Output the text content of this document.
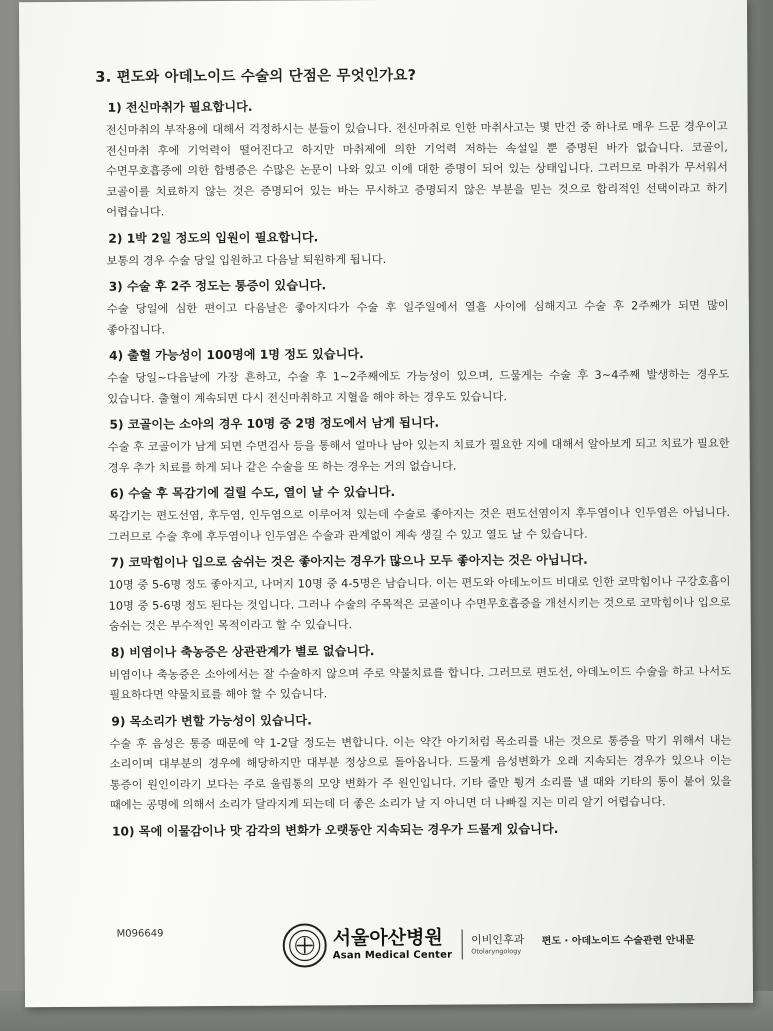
3. 편도와 아데노이드 수술의 단점은 무엇인가요?
1) 전신마취가 필요합니다.
전신마취의 부작용에 대해서 걱정하시는 분들이 있습니다. 전신마취로 인한 마취사고는 몇 만건 중 하나로 매우 드문 경우이고 전신마취 후에 기억력이 떨어진다고 하지만 마취제에 의한 기억력 저하는 속설일 뿐 증명된 바가 없습니다. 코골이, 수면무호흡증에 의한 합병증은 수많은 논문이 나와 있고 이에 대한 증명이 되어 있는 상태입니다. 그러므로 마취가 무서워서 코골이를 치료하지 않는 것은 증명되어 있는 바는 무시하고 증명되지 않은 부분을 믿는 것으로 합리적인 선택이라고 하기 어렵습니다.
2) 1박 2일 정도의 입원이 필요합니다.
보통의 경우 수술 당일 입원하고 다음날 퇴원하게 됩니다.
3) 수술 후 2주 정도는 통증이 있습니다.
수술 당일에 심한 편이고 다음날은 좋아지다가 수술 후 일주일에서 열흘 사이에 심해지고 수술 후 2주째가 되면 많이 좋아집니다.
4) 출혈 가능성이 100명에 1명 정도 있습니다.
수술 당일~다음날에 가장 흔하고, 수술 후 1~2주째에도 가능성이 있으며, 드물게는 수술 후 3~4주째 발생하는 경우도 있습니다. 출혈이 계속되면 다시 전신마취하고 지혈을 해야 하는 경우도 있습니다.
5) 코골이는 소아의 경우 10명 중 2명 정도에서 남게 됩니다.
수술 후 코골이가 남게 되면 수면검사 등을 통해서 얼마나 남아 있는지 치료가 필요한 지에 대해서 알아보게 되고 치료가 필요한 경우 추가 치료를 하게 되나 같은 수술을 또 하는 경우는 거의 없습니다.
6) 수술 후 목감기에 걸릴 수도, 열이 날 수 있습니다.
목감기는 편도선염, 후두염, 인두염으로 이루어져 있는데 수술로 좋아지는 것은 편도선염이지 후두염이나 인두염은 아닙니다. 그러므로 수술 후에 후두염이나 인두염은 수술과 관계없이 계속 생길 수 있고 열도 날 수 있습니다.
7) 코막힘이나 입으로 숨쉬는 것은 좋아지는 경우가 많으나 모두 좋아지는 것은 아닙니다.
10명 중 5-6명 정도 좋아지고, 나머지 10명 중 4-5명은 남습니다. 이는 편도와 아데노이드 비대로 인한 코막힘이나 구강호흡이 10명 중 5-6명 정도 된다는 것입니다. 그러나 수술의 주목적은 코골이나 수면무호흡증을 개선시키는 것으로 코막힘이나 입으로 숨쉬는 것은 부수적인 목적이라고 할 수 있습니다.
8) 비염이나 축농증은 상관관계가 별로 없습니다.
비염이나 축농증은 소아에서는 잘 수술하지 않으며 주로 약물치료를 합니다. 그러므로 편도선, 아데노이드 수술을 하고 나서도 필요하다면 약물치료를 해야 할 수 있습니다.
9) 목소리가 변할 가능성이 있습니다.
수술 후 음성은 통증 때문에 약 1-2달 정도는 변합니다. 이는 약간 아기처럼 목소리를 내는 것으로 통증을 막기 위해서 내는 소리이며 대부분의 경우에 해당하지만 대부분 정상으로 돌아옵니다. 드물게 음성변화가 오래 지속되는 경우가 있으나 이는 통증이 원인이라기 보다는 주로 울림통의 모양 변화가 주 원인입니다. 기타 줄만 튕겨 소리를 낼 때와 기타의 통이 붙어 있을 때에는 공명에 의해서 소리가 달라지게 되는데 더 좋은 소리가 날 지 아니면 더 나빠질 지는 미리 알기 어렵습니다.
10) 목에 이물감이나 맛 감각의 변화가 오랫동안 지속되는 경우가 드물게 있습니다.
M096649	서울아산병원
Asan Medical Center
이비인후과
Otolaryngology
편도 · 아데노이드 수술관련 안내문
